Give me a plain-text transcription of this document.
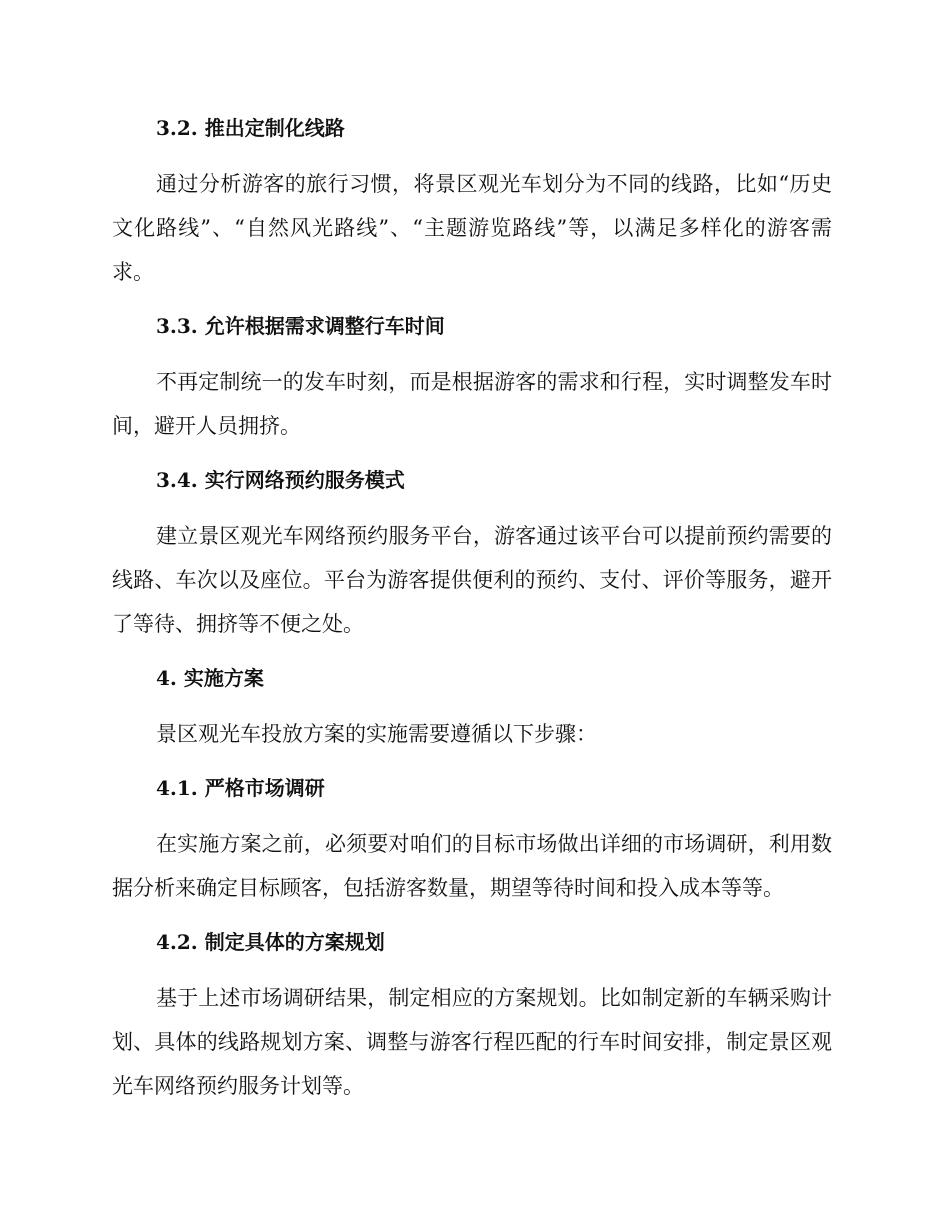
3.2. 推出定制化线路

通过分析游客的旅行习惯，将景区观光车划分为不同的线路，比如“历史文化路线”、“自然风光路线”、“主题游览路线”等，以满足多样化的游客需求。

3.3. 允许根据需求调整行车时间

不再定制统一的发车时刻，而是根据游客的需求和行程，实时调整发车时间，避开人员拥挤。

3.4. 实行网络预约服务模式

建立景区观光车网络预约服务平台，游客通过该平台可以提前预约需要的线路、车次以及座位。平台为游客提供便利的预约、支付、评价等服务，避开了等待、拥挤等不便之处。

4. 实施方案

景区观光车投放方案的实施需要遵循以下步骤：

4.1. 严格市场调研

在实施方案之前，必须要对咱们的目标市场做出详细的市场调研，利用数据分析来确定目标顾客，包括游客数量，期望等待时间和投入成本等等。

4.2. 制定具体的方案规划

基于上述市场调研结果，制定相应的方案规划。比如制定新的车辆采购计划、具体的线路规划方案、调整与游客行程匹配的行车时间安排，制定景区观光车网络预约服务计划等。
